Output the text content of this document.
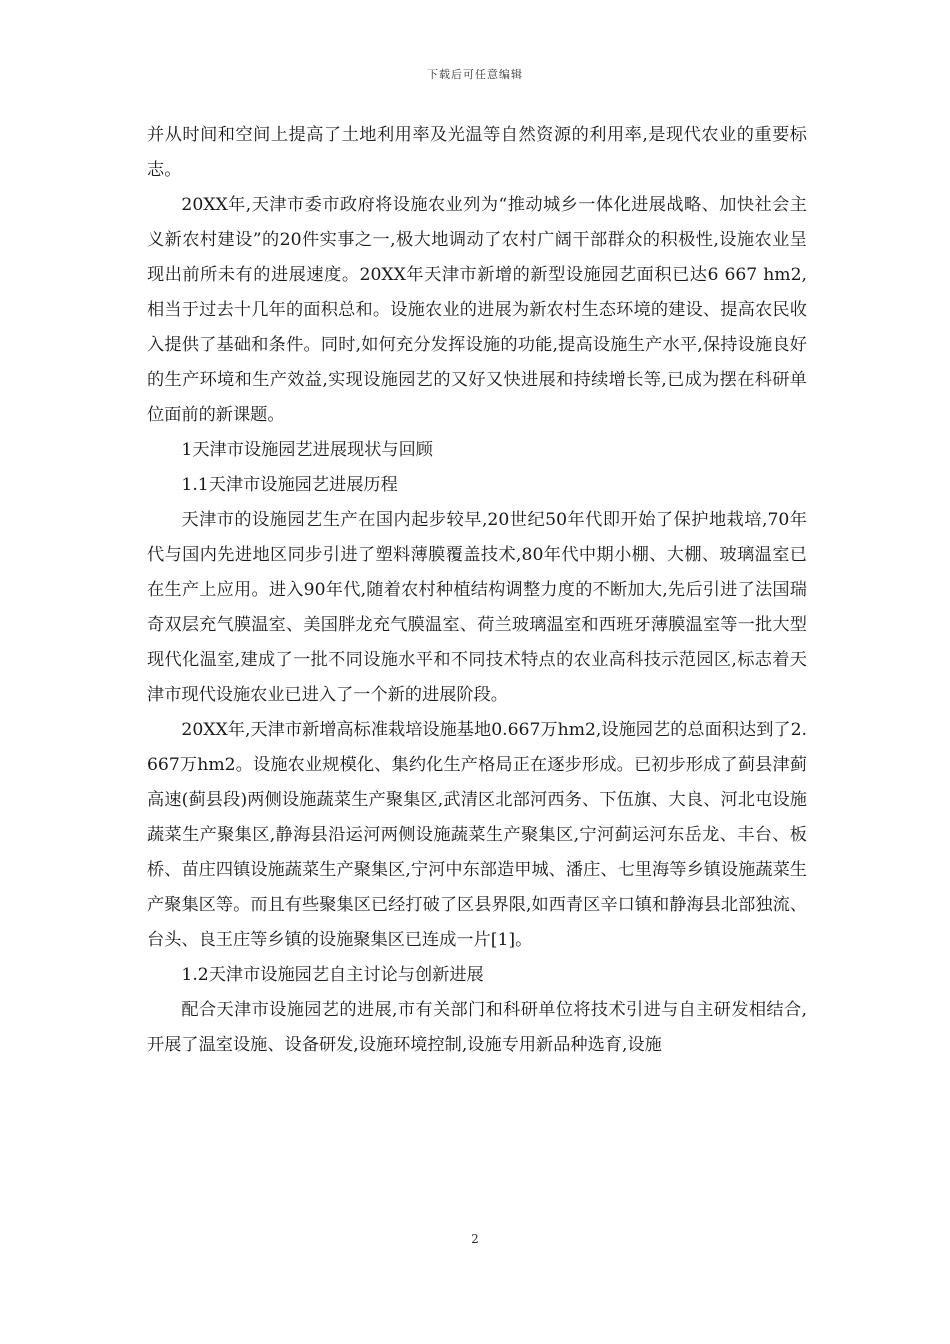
下载后可任意编辑

并从时间和空间上提高了土地利用率及光温等自然资源的利用率,是现代农业的重要标志。

20XX年,天津市委市政府将设施农业列为“推动城乡一体化进展战略、加快社会主义新农村建设”的20件实事之一,极大地调动了农村广阔干部群众的积极性,设施农业呈现出前所未有的进展速度。20XX年天津市新增的新型设施园艺面积已达6 667 hm2,相当于过去十几年的面积总和。设施农业的进展为新农村生态环境的建设、提高农民收入提供了基础和条件。同时,如何充分发挥设施的功能,提高设施生产水平,保持设施良好的生产环境和生产效益,实现设施园艺的又好又快进展和持续增长等,已成为摆在科研单位面前的新课题。

1天津市设施园艺进展现状与回顾

1.1天津市设施园艺进展历程

天津市的设施园艺生产在国内起步较早,20世纪50年代即开始了保护地栽培,70年代与国内先进地区同步引进了塑料薄膜覆盖技术,80年代中期小棚、大棚、玻璃温室已在生产上应用。进入90年代,随着农村种植结构调整力度的不断加大,先后引进了法国瑞奇双层充气膜温室、美国胖龙充气膜温室、荷兰玻璃温室和西班牙薄膜温室等一批大型现代化温室,建成了一批不同设施水平和不同技术特点的农业高科技示范园区,标志着天津市现代设施农业已进入了一个新的进展阶段。

20XX年,天津市新增高标准栽培设施基地0.667万hm2,设施园艺的总面积达到了2.667万hm2。设施农业规模化、集约化生产格局正在逐步形成。已初步形成了蓟县津蓟高速(蓟县段)两侧设施蔬菜生产聚集区,武清区北部河西务、下伍旗、大良、河北屯设施蔬菜生产聚集区,静海县沿运河两侧设施蔬菜生产聚集区,宁河蓟运河东岳龙、丰台、板桥、苗庄四镇设施蔬菜生产聚集区,宁河中东部造甲城、潘庄、七里海等乡镇设施蔬菜生产聚集区等。而且有些聚集区已经打破了区县界限,如西青区辛口镇和静海县北部独流、台头、良王庄等乡镇的设施聚集区已连成一片[1]。

1.2天津市设施园艺自主讨论与创新进展

配合天津市设施园艺的进展,市有关部门和科研单位将技术引进与自主研发相结合,开展了温室设施、设备研发,设施环境控制,设施专用新品种选育,设施

2
